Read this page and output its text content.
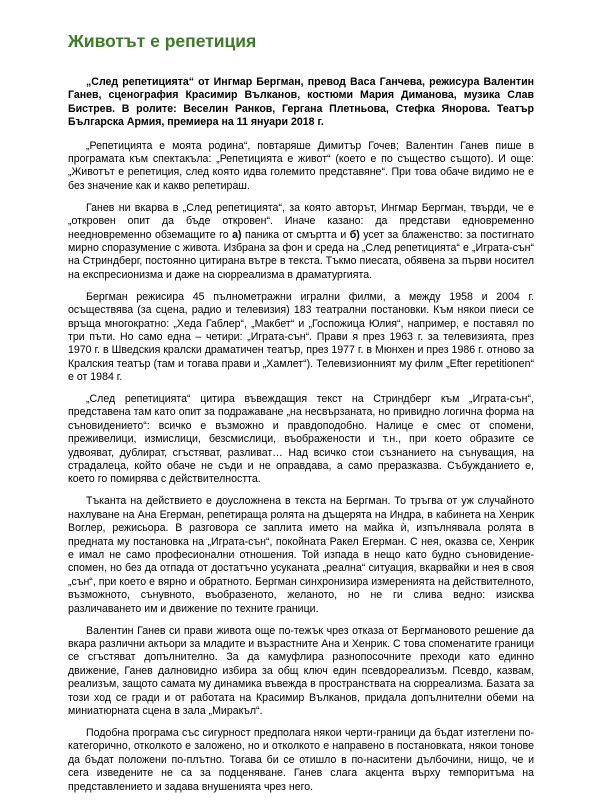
Животът е репетиция

„След репетицията“ от Ингмар Бергман, превод Васа Ганчева, режисура Валентин Ганев, сценография Красимир Вълканов, костюми Мария Диманова, музика Слав Бистрев. В ролите: Веселин Ранков, Гергана Плетньова, Стефка Янорова. Театър Българска Армия, премиера на 11 януари 2018 г.

„Репетицията е моята родина“, повтаряше Димитър Гочев; Валентин Ганев пише в програмата към спектакъла: „Репетицията е живот“ (което е по същество същото). И още: „Животът е репетиция, след която идва големито представяне“. При това обаче видимо не е без значение как и какво репетираш.

Ганев ни вкарва в „След репетицията“, за която авторът, Ингмар Бергман, твърди, че е „откровен опит да бъде откровен“. Иначе казано: да представи едновременно неедновременно обземащите го а) паника от смъртта и б) усет за блаженство: за постигнато мирно споразумение с живота. Избрана за фон и среда на „След репетицията“ е „Играта-сън“ на Стриндберг, постоянно цитирана вътре в текста. Тъкмо пиесата, обявена за първи носител на експресионизма и даже на сюрреализма в драматургията.

Бергман режисира 45 пълнометражни игрални филми, а между 1958 и 2004 г. осъществява (за сцена, радио и телевизия) 183 театрални постановки. Към някои пиеси се връща многократно: „Хеда Габлер“, „Макбет“ и „Госпожица Юлия“, например, е поставял по три пъти. Но само една – четири: „Играта-сън“. Прави я през 1963 г. за телевизията, през 1970 г. в Шведския кралски драматичен театър, през 1977 г. в Мюнхен и през 1986 г. отново за Кралския театър (там и тогава прави и „Хамлет“). Телевизионният му филм „Efter repetitionen“ е от 1984 г.

„След репетицията“ цитира въвеждащия текст на Стриндберг към „Играта-сън“, представена там като опит за подражаване „на несвързаната, но привидно логична форма на съновидението“: всичко е възможно и правдоподобно. Налице е смес от спомени, преживелици, измислици, безсмислици, въображености и т.н., при което образите се удвояват, дублират, сгъстяват, разливат… Над всичко стои съзнанието на сънуващия, на страдалеца, който обаче не съди и не оправдава, а само преразказва. Събужданието е, което го помирява с действителността.

Тъканта на действието е доусложнена в текста на Бергман. То тръгва от уж случайното нахлуване на Ана Егерман, репетираща ролята на дъщерята на Индра, в кабинета на Хенрик Воглер, режисьора. В разговора се заплита името на майка ѝ, изпълнявала ролята в предната му постановка на „Играта-сън“, покойната Ракел Егерман. С нея, оказва се, Хенрик е имал не само професионални отношения. Той изпада в нещо като будно съновидение-спомен, но без да отпада от достатъчно усуканата „реална“ ситуация, вкарвайки и нея в своя „сън“, при което е вярно и обратното. Бергман синхронизира измеренията на действителното, възможното, сънувното, въобразеното, желаното, но не ги слива ведно: изисква различаването им и движение по техните граници.

Валентин Ганев си прави живота още по-тежък чрез отказа от Бергмановото решение да вкара различни актьори за младите и възрастните Ана и Хенрик. С това споменатите граници се сгъстяват допълнително. За да камуфлира разнопосочните преходи като единно движение, Ганев далновидно избира за общ ключ един псевдореализъм. Псевдо, казвам, реализъм, защото самата му динамика въвежда в пространствата на сюрреализма. Базата за този ход се гради и от работата на Красимир Вълканов, придала допълнителни обеми на миниатюрната сцена в зала „Миракъл“.

Подобна програма със сигурност предполага някои черти-граници да бъдат изтеглени по-категорично, отколкото е заложено, но и отколкото е направено в постановката, някои тонове да бъдат положени по-плътно. Тогава би се отишло в по-наситени дълбочини, нищо, че и сега изведените не са за подценяване. Ганев слага акцента върху темпоритъма на представлението и задава внушенията чрез него.
